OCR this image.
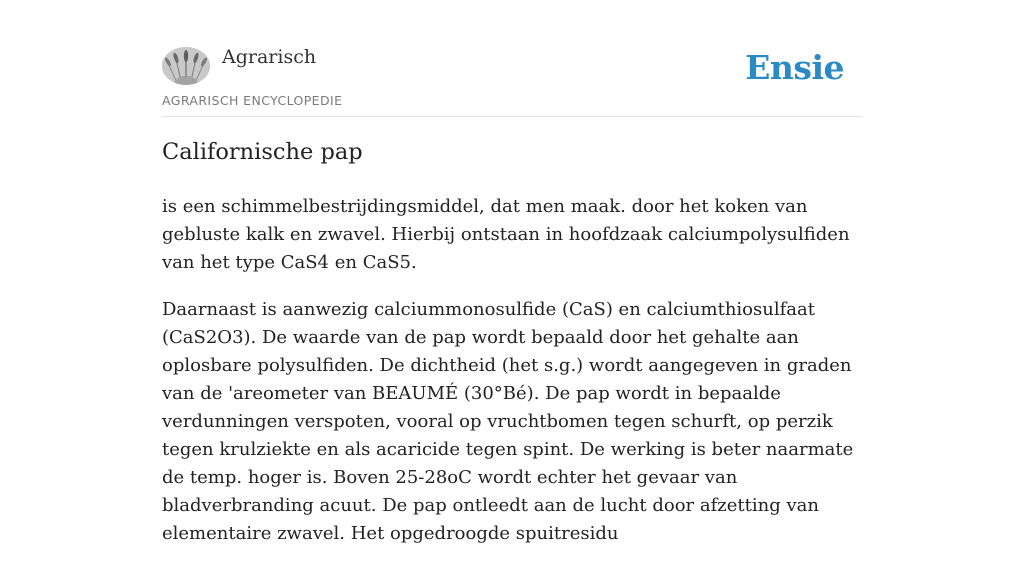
Agrarisch
AGRARISCH ENCYCLOPEDIE
Ensie
Californische pap

is een schimmelbestrijdingsmiddel, dat men maak. door het koken van gebluste kalk en zwavel. Hierbij ontstaan in hoofdzaak calciumpolysulfiden van het type CaS4 en CaS5.

Daarnaast is aanwezig calciummonosulfide (CaS) en calciumthiosulfaat (CaS2O3). De waarde van de pap wordt bepaald door het gehalte aan oplosbare polysulfiden. De dichtheid (het s.g.) wordt aangegeven in graden van de 'areometer van BEAUMÉ (30°Bé). De pap wordt in bepaalde verdunningen verspoten, vooral op vruchtbomen tegen schurft, op perzik tegen krulziekte en als acaricide tegen spint. De werking is beter naarmate de temp. hoger is. Boven 25-28oC wordt echter het gevaar van bladverbranding acuut. De pap ontleedt aan de lucht door afzetting van elementaire zwavel. Het opgedroogde spuitresidu
